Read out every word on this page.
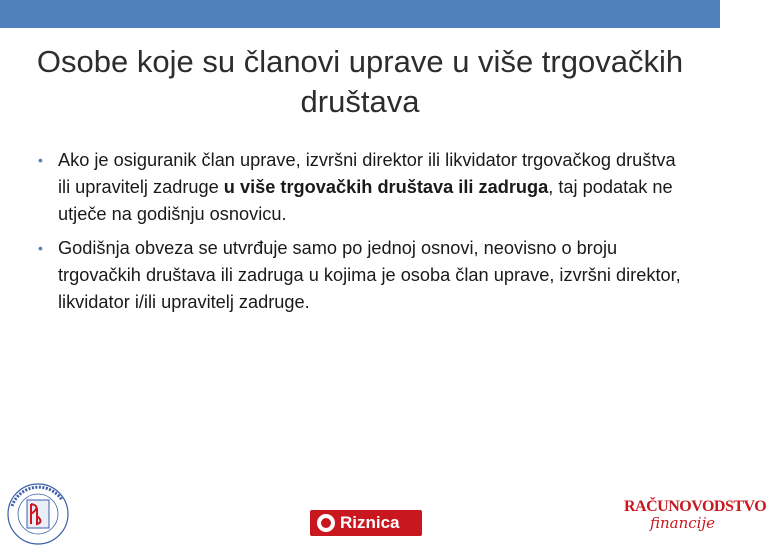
Osobe koje su članovi uprave u više trgovačkih
društava
• Ako je osiguranik član uprave, izvršni direktor ili likvidator trgovačkog društva ili upravitelj zadruge u više trgovačkih društava ili zadruga, taj podatak ne utječe na godišnju osnovicu.
• Godišnja obveza se utvrđuje samo po jednoj osnovi, neovisno o broju trgovačkih društava ili zadruga u kojima je osoba član uprave, izvršni direktor, likvidator i/ili upravitelj zadruge.
Riznica
RAČUNOVODSTVO
financije
